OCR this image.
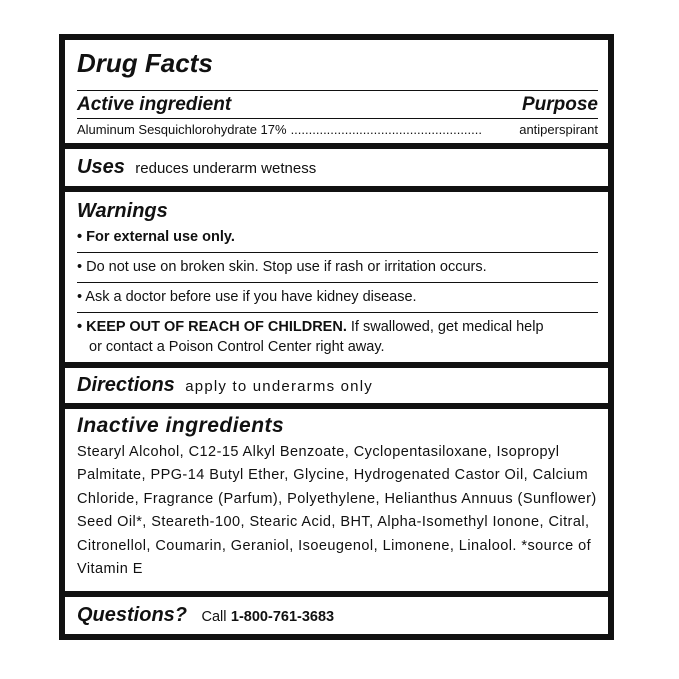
Drug Facts
Active ingredient	Purpose
Aluminum Sesquichlorohydrate 17% .....................................................	antiperspirant
Uses reduces underarm wetness
Warnings
• For external use only.
• Do not use on broken skin. Stop use if rash or irritation occurs.
• Ask a doctor before use if you have kidney disease.
• KEEP OUT OF REACH OF CHILDREN. If swallowed, get medical help
or contact a Poison Control Center right away.
Directions apply to underarms only
Inactive ingredients
Stearyl Alcohol, C12-15 Alkyl Benzoate, Cyclopentasiloxane, Isopropyl
Palmitate, PPG-14 Butyl Ether, Glycine, Hydrogenated Castor Oil, Calcium
Chloride, Fragrance (Parfum), Polyethylene, Helianthus Annuus (Sunflower)
Seed Oil*, Steareth-100, Stearic Acid, BHT, Alpha-Isomethyl Ionone, Citral,
Citronellol, Coumarin, Geraniol, Isoeugenol, Limonene, Linalool. *source of
Vitamin E
Questions? Call 1-800-761-3683
